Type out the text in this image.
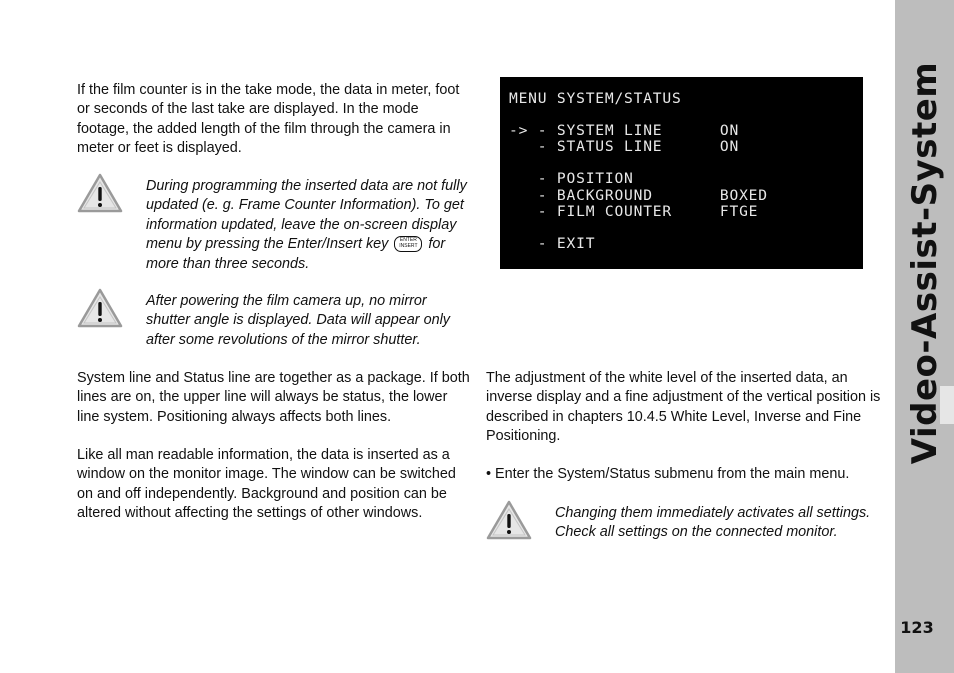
Video-Assist-System
123

If the film counter is in the take mode, the data in meter, foot or seconds of the last take are displayed. In the mode footage, the added length of the film through the camera in meter or feet is displayed.

During programming the inserted data are not fully updated (e. g. Frame Counter Information). To get information updated, leave the on-screen display menu by pressing the Enter/Insert key ENTER
INSERT for more than three seconds.

After powering the film camera up, no mirror shutter angle is displayed. Data will appear only after some revolutions of the mirror shutter.

System line and Status line are together as a package. If both lines are on, the upper line will always be status, the lower line system. Positioning always affects both lines.

Like all man readable information, the data is inserted as a window on the monitor image. The window can be switched on and off independently. Background and position can be altered without affecting the settings of other windows.

MENU SYSTEM/STATUS

-> - SYSTEM LINE      ON
- STATUS LINE      ON

- POSITION
- BACKGROUND       BOXED
- FILM COUNTER     FTGE

- EXIT

The adjustment of the white level of the inserted data, an inverse display and a fine adjustment of the vertical position is described in chapters 10.4.5 White Level, Inverse and Fine Positioning.

• Enter the System/Status submenu from the main menu.

Changing them immediately activates all settings. Check all settings on the connected monitor.
